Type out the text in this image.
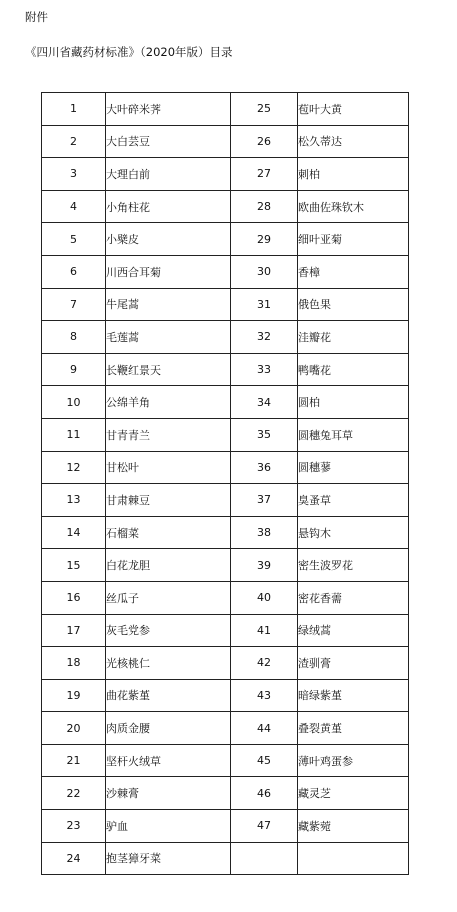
附件
《四川省藏药材标准》（2020年版）目录
1	大叶碎米荠	25	苞叶大黄
2	大白芸豆	26	松久蒂达
3	大理白前	27	刺柏
4	小角柱花	28	欧曲佐珠钦木
5	小檗皮	29	细叶亚菊
6	川西合耳菊	30	香樟
7	牛尾蒿	31	俄色果
8	毛莲蒿	32	洼瓣花
9	长鞭红景天	33	鸭嘴花
10	公绵羊角	34	圆柏
11	甘青青兰	35	圆穗兔耳草
12	甘松叶	36	圆穗蓼
13	甘肃棘豆	37	臭蚤草
14	石榴菜	38	悬钩木
15	白花龙胆	39	密生波罗花
16	丝瓜子	40	密花香薷
17	灰毛党参	41	绿绒蒿
18	光核桃仁	42	渣驯膏
19	曲花紫堇	43	暗绿紫堇
20	肉质金腰	44	叠裂黄堇
21	坚杆火绒草	45	薄叶鸡蛋参
22	沙棘膏	46	藏灵芝
23	驴血	47	藏紫菀
24	抱茎獐牙菜		
